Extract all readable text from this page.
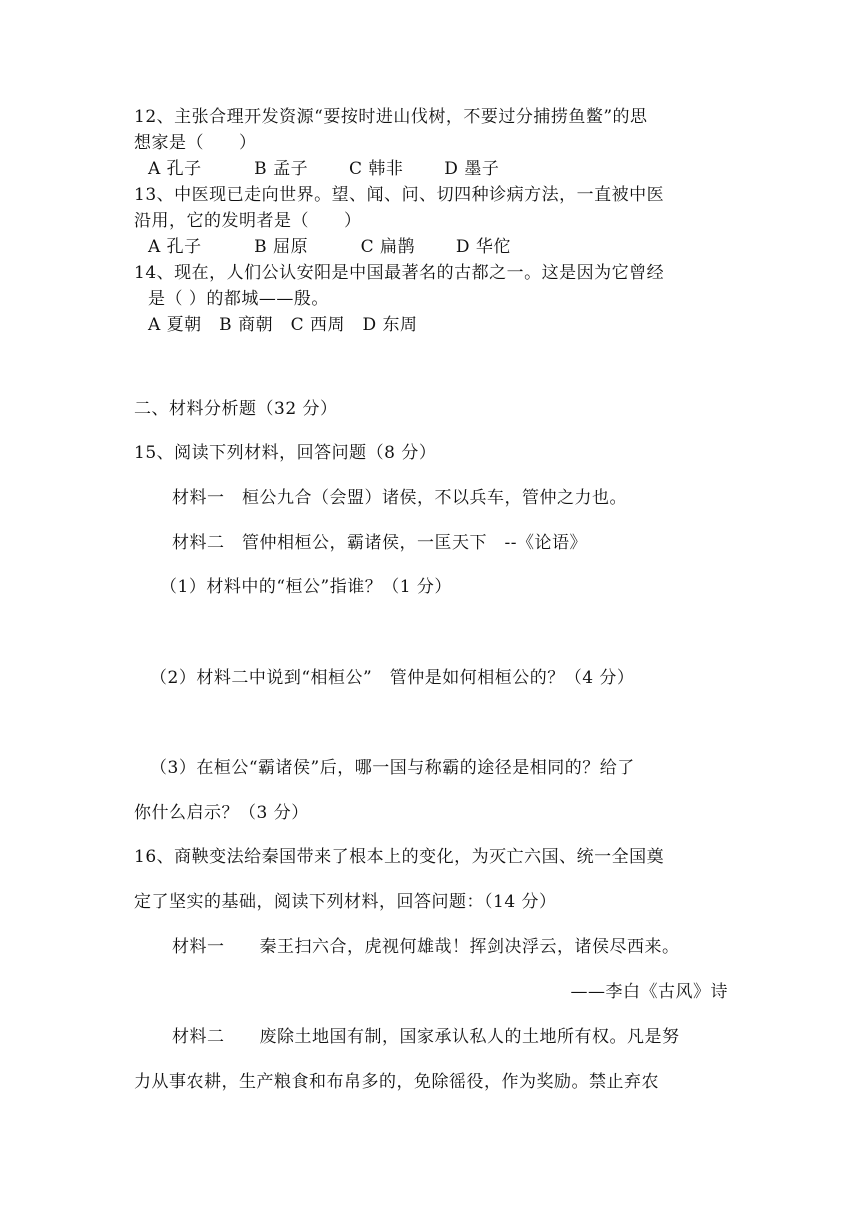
12、主张合理开发资源“要按时进山伐树，不要过分捕捞鱼鳖”的思
想家是（　　）
A 孔子　　　B 孟子　　 C 韩非　　 D 墨子
13、中医现已走向世界。望、闻、问、切四种诊病方法，一直被中医
沿用，它的发明者是（　　）
A 孔子　　　B 屈原　　　C 扁鹊　　 D 华佗
14、现在，人们公认安阳是中国最著名的古都之一。这是因为它曾经
是（ ）的都城——殷。
A 夏朝　B 商朝　C 西周　D 东周
二、材料分析题（32 分）
15、阅读下列材料，回答问题（8 分）
材料一　桓公九合（会盟）诸侯，不以兵车，管仲之力也。
材料二　管仲相桓公，霸诸侯，一匡天下　--《论语》
（1）材料中的“桓公”指谁？（1 分）
（2）材料二中说到“相桓公”　管仲是如何相桓公的？（4 分）
（3）在桓公“霸诸侯”后，哪一国与称霸的途径是相同的？给了
你什么启示？（3 分）
16、商鞅变法给秦国带来了根本上的变化，为灭亡六国、统一全国奠
定了坚实的基础，阅读下列材料，回答问题：（14 分）
材料一　　秦王扫六合，虎视何雄哉！挥剑决浮云，诸侯尽西来。
——李白《古风》诗
材料二　　废除土地国有制，国家承认私人的土地所有权。凡是努
力从事农耕，生产粮食和布帛多的，免除徭役，作为奖励。禁止弃农
